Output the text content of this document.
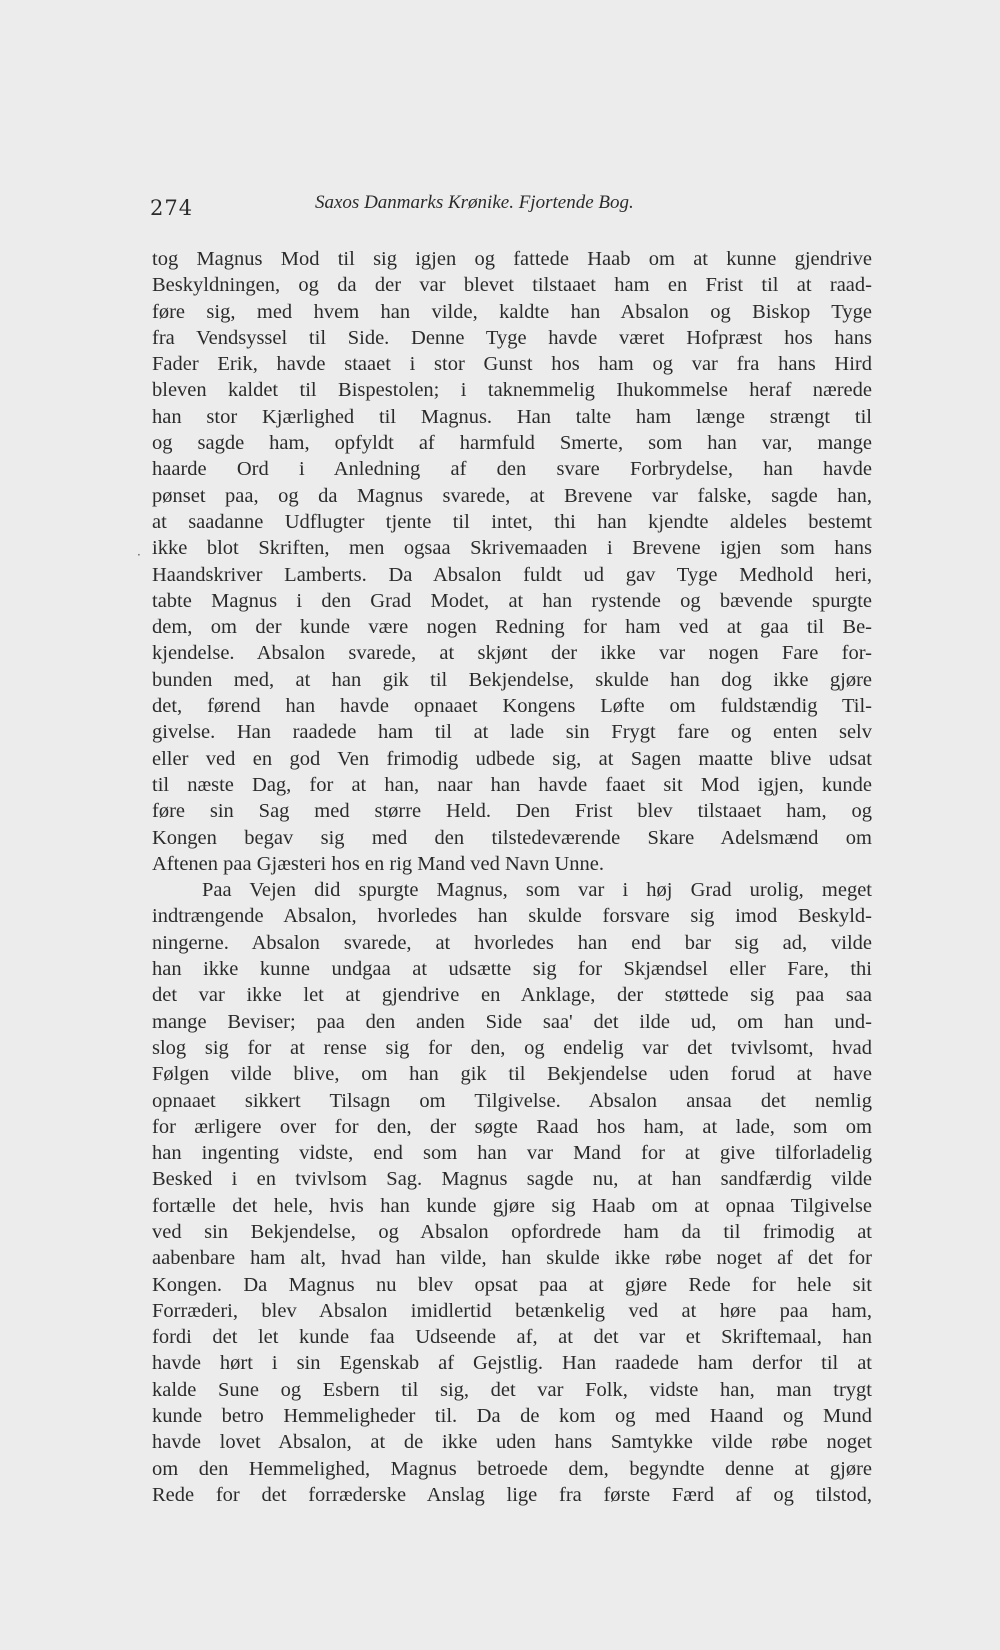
274	Saxos Danmarks Krønike. Fjortende Bog.
·
tog Magnus Mod til sig igjen og fattede Haab om at kunne gjendrive
Beskyldningen, og da der var blevet tilstaaet ham en Frist til at raad-
føre sig, med hvem han vilde, kaldte han Absalon og Biskop Tyge
fra Vendsyssel til Side. Denne Tyge havde været Hofpræst hos hans
Fader Erik, havde staaet i stor Gunst hos ham og var fra hans Hird
bleven kaldet til Bispestolen; i taknemmelig Ihukommelse heraf nærede
han stor Kjærlighed til Magnus. Han talte ham længe strængt til
og sagde ham, opfyldt af harmfuld Smerte, som han var, mange
haarde Ord i Anledning af den svare Forbrydelse, han havde
pønset paa, og da Magnus svarede, at Brevene var falske, sagde han,
at saadanne Udflugter tjente til intet, thi han kjendte aldeles bestemt
ikke blot Skriften, men ogsaa Skrivemaaden i Brevene igjen som hans
Haandskriver Lamberts. Da Absalon fuldt ud gav Tyge Medhold heri,
tabte Magnus i den Grad Modet, at han rystende og bævende spurgte
dem, om der kunde være nogen Redning for ham ved at gaa til Be-
kjendelse. Absalon svarede, at skjønt der ikke var nogen Fare for-
bunden med, at han gik til Bekjendelse, skulde han dog ikke gjøre
det, førend han havde opnaaet Kongens Løfte om fuldstændig Til-
givelse. Han raadede ham til at lade sin Frygt fare og enten selv
eller ved en god Ven frimodig udbede sig, at Sagen maatte blive udsat
til næste Dag, for at han, naar han havde faaet sit Mod igjen, kunde
føre sin Sag med større Held. Den Frist blev tilstaaet ham, og
Kongen begav sig med den tilstedeværende Skare Adelsmænd om
Aftenen paa Gjæsteri hos en rig Mand ved Navn Unne.
Paa Vejen did spurgte Magnus, som var i høj Grad urolig, meget
indtrængende Absalon, hvorledes han skulde forsvare sig imod Beskyld-
ningerne. Absalon svarede, at hvorledes han end bar sig ad, vilde
han ikke kunne undgaa at udsætte sig for Skjændsel eller Fare, thi
det var ikke let at gjendrive en Anklage, der støttede sig paa saa
mange Beviser; paa den anden Side saa' det ilde ud, om han und-
slog sig for at rense sig for den, og endelig var det tvivlsomt, hvad
Følgen vilde blive, om han gik til Bekjendelse uden forud at have
opnaaet sikkert Tilsagn om Tilgivelse. Absalon ansaa det nemlig
for ærligere over for den, der søgte Raad hos ham, at lade, som om
han ingenting vidste, end som han var Mand for at give tilforladelig
Besked i en tvivlsom Sag. Magnus sagde nu, at han sandfærdig vilde
fortælle det hele, hvis han kunde gjøre sig Haab om at opnaa Tilgivelse
ved sin Bekjendelse, og Absalon opfordrede ham da til frimodig at
aabenbare ham alt, hvad han vilde, han skulde ikke røbe noget af det for
Kongen. Da Magnus nu blev opsat paa at gjøre Rede for hele sit
Forræderi, blev Absalon imidlertid betænkelig ved at høre paa ham,
fordi det let kunde faa Udseende af, at det var et Skriftemaal, han
havde hørt i sin Egenskab af Gejstlig. Han raadede ham derfor til at
kalde Sune og Esbern til sig, det var Folk, vidste han, man trygt
kunde betro Hemmeligheder til. Da de kom og med Haand og Mund
havde lovet Absalon, at de ikke uden hans Samtykke vilde røbe noget
om den Hemmelighed, Magnus betroede dem, begyndte denne at gjøre
Rede for det forræderske Anslag lige fra første Færd af og tilstod,
